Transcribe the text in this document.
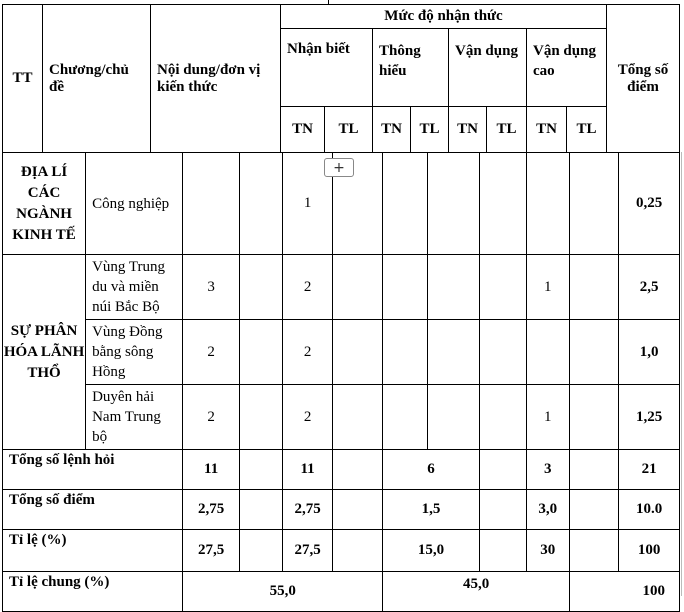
TT	Chương/chủ đề	Nội dung/đơn vị kiến thức	Mức độ nhận thức								Tổng số điểm
			Nhận biết		Thông hiểu		Vận dụng		Vận dụng cao		
			TN	TL	TN	TL	TN	TL	TN	TL	
ĐỊA LÍ CÁC NGÀNH KINH TẾ	Công nghiệp			1							0,25
SỰ PHÂN HÓA LÃNH THỔ	Vùng Trung du và miền núi Bắc Bộ	3		2					1		2,5
	Vùng Đồng bằng sông Hồng	2		2							1,0
	Duyên hải Nam Trung bộ	2		2					1		1,25
Tổng số lệnh hỏi		11		11		6			3		21
Tổng số điểm		2,75		2,75		1,5			3,0		10.0
Tỉ lệ (%)		27,5		27,5		15,0			30		100
Tỉ lệ chung (%)		55,0				45,0				100	
+
